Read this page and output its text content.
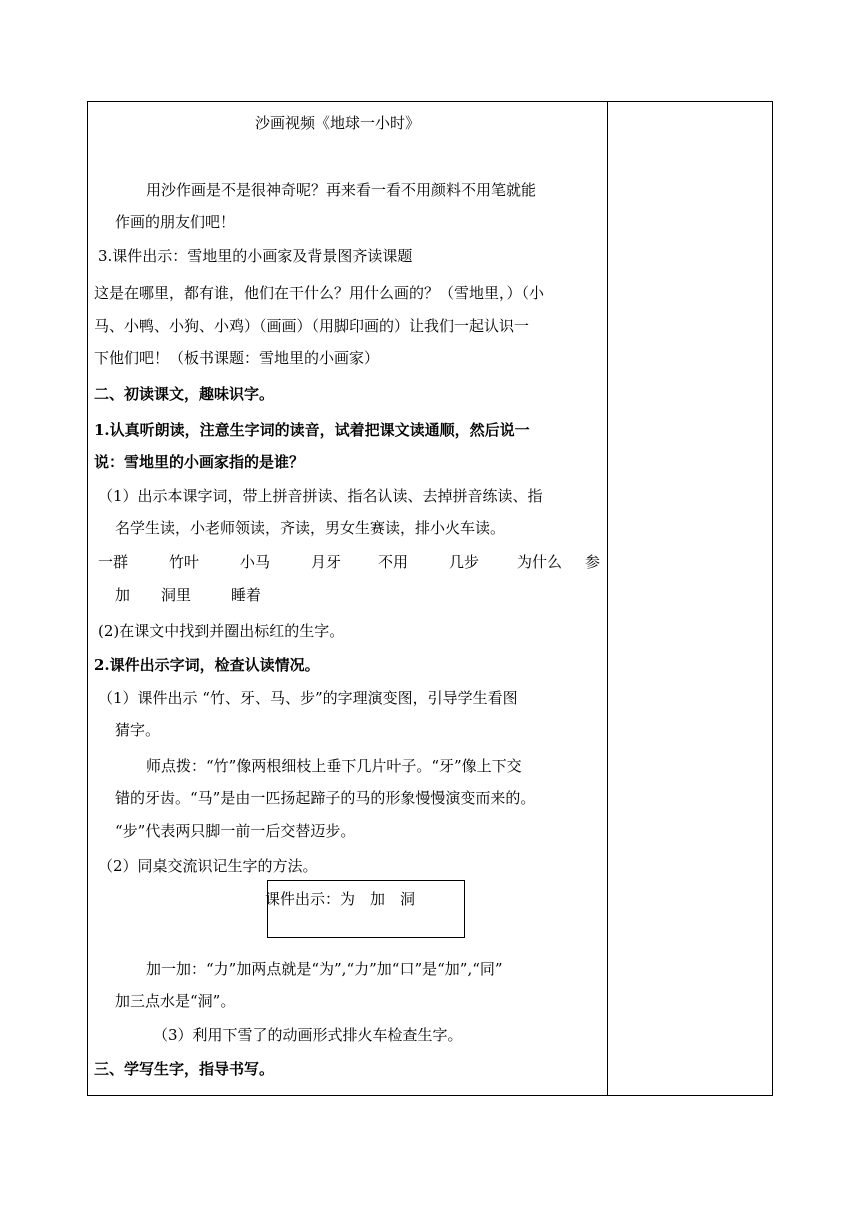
沙画视频《地球一小时》
用沙作画是不是很神奇呢？再来看一看不用颜料不用笔就能
作画的朋友们吧！
3.课件出示：雪地里的小画家及背景图齐读课题
这是在哪里，都有谁，他们在干什么？用什么画的？（雪地里，）（小
马、小鸭、小狗、小鸡）（画画）（用脚印画的）让我们一起认识一
下他们吧！（板书课题：雪地里的小画家）
二、初读课文，趣味识字。
1.认真听朗读，注意生字词的读音，试着把课文读通顺，然后说一
说：雪地里的小画家指的是谁？
（1）出示本课字词，带上拼音拼读、指名认读、去掉拼音练读、指
名学生读，小老师领读，齐读，男女生赛读，排小火车读。
一群	竹叶	小马	月牙 不用	几步	为什么 参
加 洞里	睡着
(2)在课文中找到并圈出标红的生字。
2.课件出示字词，检查认读情况。
（1）课件出示 “竹、牙、马、步”的字理演变图，引导学生看图
猜字。
师点拨：“竹”像两根细枝上垂下几片叶子。“牙”像上下交
错的牙齿。“马”是由一匹扬起蹄子的马的形象慢慢演变而来的。
“步”代表两只脚一前一后交替迈步。
（2）同桌交流识记生字的方法。
课件出示：为　加　洞
加一加：“力”加两点就是“为”,“力”加“口”是“加”,“同”
加三点水是“洞”。
（3）利用下雪了的动画形式排火车检查生字。
三、学写生字，指导书写。
